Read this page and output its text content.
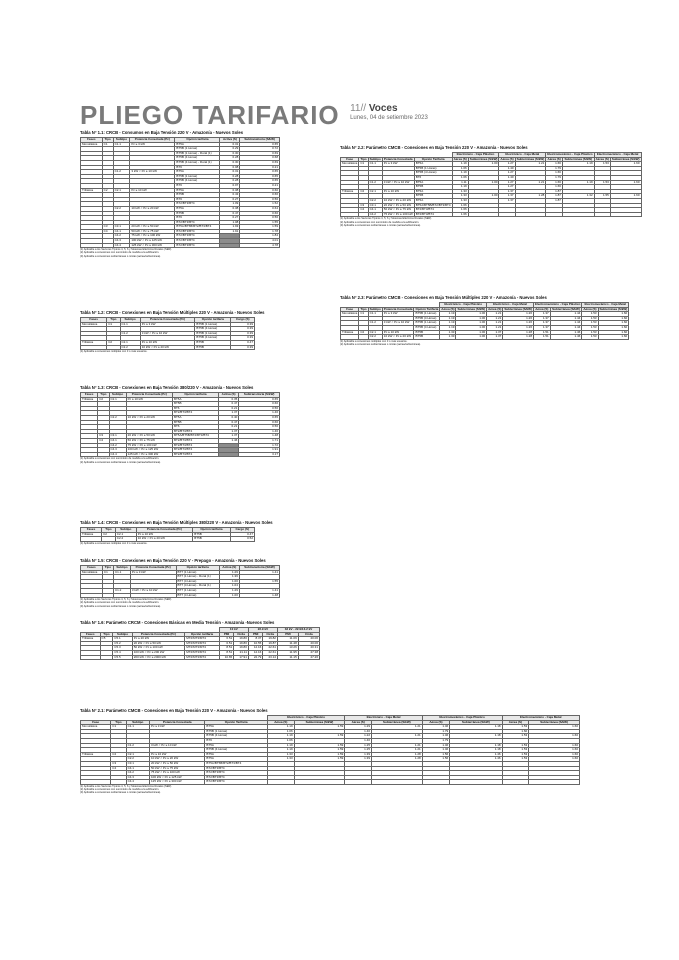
PLIEGO TARIFARIO 11// Voces
Lunes, 04 de setiembre 2023
Tabla N° 1.1: CRCB - Consumos en Baja Tensión 220 V - Amazonía - Nuevos Soles
Fases	Tipo	Subtipo	Potencia Conectada (Pc)	Opción tarifaria	Activa (S)	Subtransitoria (S/kW)
Monofásica	C1	C1.1	Pc ≤ 3 kW	BT5A	0.31	0.65
				BT5B (1 Horas)	0.29	0.72
				BT5B (1 Horas) - Rural (1)	0.30	0.69
				BT5B (4 Horas)	0.28	0.68
				BT5B (4 Horas) - Rural (1)	0.30	0.69
				BT6	0.08	0.21
		C1.2	3 kW < Pc ≤ 10 kW	BT5A	0.31	0.65
				BT5B (1 Horas)	0.28	0.65
				BT5B (4 Horas)	0.28	0.65
				BT6	0.07	0.21
Trifásica	C2	C2.1	Pc ≤ 10 kW	BT5A	0.38	0.60
				BT5B	0.43	0.66
				BT6	0.27	0.56
				BT2/BT3/BT4	1.09	1.52
		C2.2	10 kW < Pc ≤ 20 kW	BT5A	0.38	0.64
				BT5B	0.47	0.66
				BT6	0.27	0.56
				BT2/BT3/BT4	1.08	1.55
	C3	C3.1	20 kW < Pc ≤ 50 kW	BT5A/BT5B/BT2/BT3/BT4	1.93	1.59
	C4	C4.1	50 kW < Pc ≤ 75 kW	BT2/BT3/BT4	1.91	1.78
		C4.2	75 kW < Pc ≤ 100 kW	BT2/BT3/BT4		1.84
		C4.3	100 kW < Pc ≤ 125 kW	BT2/BT3/BT4		4.01
		C4.4	125 kW < Pc ≤ 300 kW	BT2/BT3/BT4		4.78
(1) Aplicable a los Sectores Típicos 4, 5, 6 y Sistemas Eléctricos Rurales (SER).
(2) Aplicable a conexiones con suministro de medida a la edificación.
(3) Aplicable a conexiones subterráneas o mixtas (aérea/subterránea).
Tabla N° 1.2: CRCB - Conexiones en Baja Tensión Múltiples 220 V - Amazonía - Nuevos Soles
Fases	Tipo	Subtipo	Potencia Conectada (Pc)	Opción tarifaria	Cargo (S)
Monofásica	C1	C1.1	Pc ≤ 3 kW	BT5B (1 Horas)	0.39
				BT5B (4 Horas)	0.39
		C1.2	3 kW < Pc ≤ 10 kW	BT5B (1 Horas)	0.39
				BT5B (4 Horas)	0.39
Trifásica	C2	C2.1	Pc ≤ 10 kW	BT5B	0.47
		C2.2	10 kW < Pc ≤ 20 kW	BT5B	0.39
(1) Aplicable a conexiones múltiples con 3 o más usuarios.
Tabla N° 1.3: CRCB - Conexiones en Baja Tensión 380/220 V - Amazonía - Nuevos Soles
Fases	Tipo	Subtipo	Potencia Conectada (Pc)	Opción tarifaria	Activa (S)	Subtransitoria (S/kW)
Trifásica	C2	C2.1	Pc ≤ 10 kW	BT5A	0.35	0.65
				BT5B	0.47	0.66
				BT6	0.21	0.56
				BT2/BT3/BT4	1.37	1.46
		C2.2	10 kW < Pc ≤ 20 kW	BT5A	0.40	0.65
				BT5B	0.47	0.66
				BT6	0.21	0.56
				BT2/BT3/BT4	1.37	1.46
	C3	C3.1	20 kW < Pc ≤ 50 kW	BT5A/BT5B/BT2/BT3/BT4	1.37	1.48
	C4	C4.1	50 kW < Pc ≤ 75 kW	BT2/BT3/BT4	1.46	1.71
		C4.2	75 kW < Pc ≤ 100 kW	BT2/BT3/BT4		1.72
		C4.3	100 kW < Pc ≤ 125 kW	BT2/BT3/BT4		1.91
		C4.4	125 kW < Pc ≤ 300 kW	BT2/BT3/BT4		3.17
(1) Aplicable a conexiones con suministro de medida a la edificación.
(2) Aplicable a conexiones subterráneas o mixtas (aérea/subterránea).
Tabla N° 1.4: CRCB - Conexiones en Baja Tensión Múltiples 380/220 V - Amazonía - Nuevos Soles
Fases	Tipo	Subtipo	Potencia Conectada (Pc)	Opción tarifaria	Cargo (S)
Trifásica	C2	C2.1	Pc ≤ 10 kW	BT5B	0.47
		C2.2	10 kW < Pc ≤ 20 kW	BT5B	0.52
(1) Aplicable a conexiones múltiples con 3 o más usuarios.
Tabla N° 1.5: CRCB - Conexiones en Baja Tensión 220 V - Prepago - Amazonía - Nuevos Soles
Fases	Tipo	Subtipo	Potencia Conectada (Pc)	Opción tarifaria	Activa (S)	Subtransitoria (S/kW)
Monofásica	C1	C1.1	Pc ≤ 3 kW	BT7 (1 Horas)	1.29	1.41
				BT7 (1 Horas) - Rural (1)	1.36	
				BT7 (4 Horas)	1.00	1.55
				BT7 (4 Horas) - Rural (1)	1.04	
		C1.2	3 kW < Pc ≤ 10 kW	BT7 (1 Horas)	1.29	1.41
				BT7 (4 Horas)	1.00	1.48
(1) Aplicable a los Sectores Típicos 4, 5, 6 y Sistemas Eléctricos Rurales (SER).
(2) Aplicable a conexiones con suministro de medida a la edificación.
(3) Aplicable a conexiones subterráneas o mixtas (aérea/subterránea).
Tabla N° 1.6: Parámetro CRCM - Conexiones Básicas en Media Tensión - Amazonía -Nuevos Soles
					10 kV		22.9 kV		33 kV - 22.9/13.2 kV	
Fases	Tipo	Subtipo	Potencia Conectada (Pc)	Opción tarifaria	PMI	Cirda	PMI	Cirda	PMI	Cirda
Trifásica	C5	C5.1	Pc ≤ 20 kW	MT2/MT3/MT4	6.51	19.80	8.37	19.82	11.09	20.06
		C5.2	20 kW < Pc ≤ 50 kW	MT2/MT3/MT4	6.51	19.80	10.55	19.87	11.48	20.06
		C5.3	50 kW < Pc ≤ 100 kW	MT2/MT3/MT4	8.51	19.80	12.16	22.61	13.26	20.31
		C5.4	100 kW < Pc ≤ 200 kW	MT2/MT3/MT4	8.51	21.11	12.16	22.61	11.95	27.38
		C5.5	200 kW < Pc ≤ 2000 kW	MT2/MT3/MT4	10.65	17.91	22.79	23.14	11.15	27.26
Tabla N° 2.1: Parámetro CMCB - Conexiones en Baja Tensión 220 V - Amazonía - Nuevos Soles
					Electrónico - Caja Plástico		Electrónico - Caja Metal		Electromecánico - Caja Plástico		Electromecánico - Caja Metal	
Fase	Tipo	Subtipo	Potencia Conectada	Opción Tarifaria	Aérea (S)	Subterránea (S/kW)	Aérea (S)	Subterránea (S/kW)	Aérea (S)	Subterránea (S/kW)	Aérea (S)	Subterránea (S/kW)
Monofásica	C1	C1.1	Pc ≤ 3 kW	BT5A	1.19	1.59	1.29	1.21	1.46	1.18	1.53	1.60
				BT5B (1 Horas)	1.06		1.40		1.79		1.60	
				BT5B (4 Horas)	1.19	1.59	1.22	1.21	1.46	1.18	1.53	1.60
				BT6	1.06		1.40		1.79			
		C1.2	3 kW < Pc ≤ 10 kW	BT5A	1.19	1.59	1.25	1.21	1.46	1.18	1.53	1.60
				BT5B (4 Horas)	1.19	1.59	1.25	1.21	1.46	1.18	1.53	1.60
Trifásica	C2	C2.1	Pc ≤ 10 kW	BT5A	1.33	1.59	1.39	1.28	1.56	1.46	1.53	1.60
		C2.2	10 kW < Pc ≤ 20 kW	BT5A	1.33	1.59	1.39	1.28	1.56	1.46	1.53	1.60
	C3	C3.1	20 kW < Pc ≤ 50 kW	BT5A/BT5B/BT2/BT3/BT4								
	C4	C4.1	50 kW < Pc ≤ 75 kW	BT2/BT3/BT4								
		C4.2	75 kW < Pc ≤ 100 kW	BT2/BT3/BT4								
		C4.3	100 kW < Pc ≤ 125 kW	BT2/BT3/BT4								
		C4.4	125 kW < Pc ≤ 300 kW	BT2/BT3/BT4								
(1) Aplicable a los Sectores Típicos 4, 5, 6 y Sistemas Eléctricos Rurales (SER).
(2) Aplicable a conexiones con suministro de medida a la edificación.
(3) Aplicable a conexiones subterráneas o mixtas (aérea/subterránea).
Tabla N° 2.2: Parámetro CMCB - Conexiones en Baja Tensión 220 V - Amazonía - Nuevos Soles
					Electrónico - Caja Plástico		Electrónico - Caja Metal		Electromecánico - Caja Plástico		Electromecánico - Caja Metal	
Fase	Tipo	Subtipo	Potencia Conectada	Opción Tarifaria	Aérea (S)	Subterránea (S/kW)	Aérea (S)	Subterránea (S/kW)	Aérea (S)	Subterránea (S/kW)	Aérea (S)	Subterránea (S/kW)
Monofásica	C1	C1.1	Pc ≤ 3 kW	BT5A	1.19	1.00	1.27	1.21	1.66	1.19	1.53	1.60
				BT5B (1 Horas)	1.06		1.40		1.79			
				BT5B (4 Horas)	1.19		1.27		1.66			
				BT6	1.06		1.40		1.79			
		C1.2	3 kW < Pc ≤ 10 kW	BT5A	1.11	1.00	1.27	1.21	1.66	1.19	1.53	1.60
				BT5B	1.19		1.27		1.66			
Trifásica	C2	C2.1	Pc ≤ 10 kW	BT5A	1.33		1.37		1.87			
				BT5B	1.33	1.00	1.37	1.28	1.87	1.32	1.55	1.60
		C2.2	10 kW < Pc ≤ 20 kW	BT5A	1.33		1.37		1.87			
	C3	C3.1	20 kW < Pc ≤ 50 kW	BT5A/BT5B/BT2/BT3/BT4	1.66							
	C4	C4.1	50 kW < Pc ≤ 75 kW	BT2/BT3/BT4	1.66							
		C4.2	75 kW < Pc ≤ 100 kW	BT2/BT3/BT4	1.66							
(1) Aplicable a los Sectores Típicos 4, 5, 6 y Sistemas Eléctricos Rurales (SER).
(2) Aplicable a conexiones con suministro de medida a la edificación.
(3) Aplicable a conexiones subterráneas o mixtas (aérea/subterránea).
Tabla N° 2.3: Parámetro CMCB - Conexiones en Baja Tensión Múltiples 220 V - Amazonía - Nuevos Soles
					Electrónico - Caja Plástico		Electrónico - Caja Metal		Electromecánico - Caja Plástico		Electromecánico - Caja Metal	
Fase	Tipo	Subtipo	Potencia Conectada	Opción Tarifaria	Aérea (S)	Subterránea (S/kW)	Aérea (S)	Subterránea (S/kW)	Aérea (S)	Subterránea (S/kW)	Aérea (S)	Subterránea (S/kW)
Monofásica	C1	C1.1	Pc ≤ 3 kW	BT5B (1 Horas)	1.19	1.00	1.21	1.26	1.37	1.44	1.53	1.60
				BT5B (4 Horas)	1.19	1.00	1.21	1.26	1.37	1.44	1.53	1.60
		C1.2	3 kW < Pc ≤ 10 kW	BT5B (1 Horas)	1.19	1.00	1.21	1.26	1.37	1.44	1.53	1.60
				BT5B (4 Horas)	1.19	1.00	1.21	1.26	1.37	1.44	1.53	1.60
Trifásica	C2	C2.1	Pc ≤ 10 kW	BT5B	1.33	1.00	1.37	1.28	1.51	1.46	1.53	1.60
		C2.2	10 kW < Pc ≤ 20 kW	BT5B	1.33	1.00	1.37	1.28	1.51	1.46	1.53	1.60
(1) Aplicable a conexiones múltiples con 3 o más usuarios.
(2) Aplicable a conexiones subterráneas o mixtas (aérea/subterránea).
